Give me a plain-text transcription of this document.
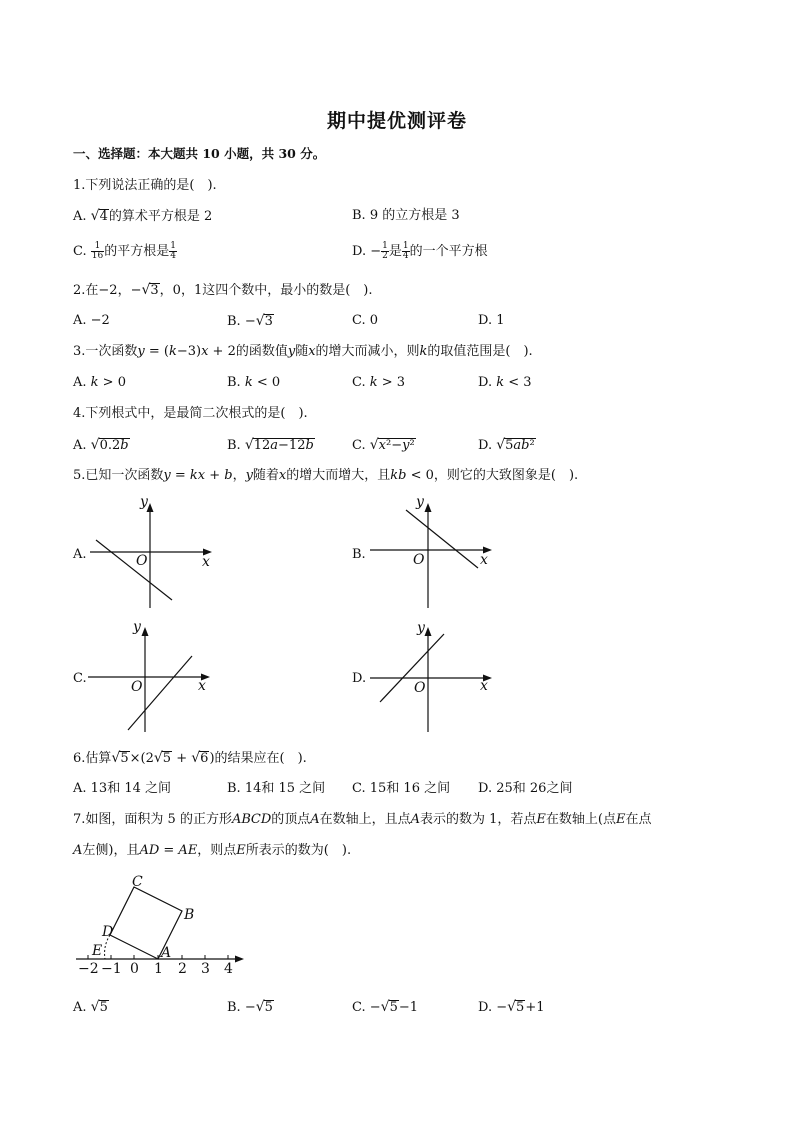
期中提优测评卷
一、选择题：本大题共 10 小题，共 30 分。
1.下列说法正确的是(　).
A. √4的算术平方根是 2	B. 9 的立方根是 3
C. $\frac{1}{16}$ 的平方根是 $\frac{1}{4}$	D. − $\frac{1}{2}$ 是 $\frac{1}{4}$ 的一个平方根
2.在−2，−√3，0，1这四个数中，最小的数是(　).
A. −2	B. −√3	C. 0	D. 1
3.一次函数𝑦 = (𝑘−3)𝑥 + 2的函数值𝑦随𝑥的增大而减小，则𝑘的取值范围是(　).
A. 𝑘 > 0	B. 𝑘 < 0	C. 𝑘 > 3	D. 𝑘 < 3
4.下列根式中，是最简二次根式的是(　).
A. √0.2𝑏	B. √12𝑎−12𝑏	C. √𝑥²−𝑦²	D. √5𝑎𝑏²
5.已知一次函数𝑦 = 𝑘𝑥 + 𝑏，𝑦随着𝑥的增大而增大，且𝑘𝑏 < 0，则它的大致图象是(　).
A.
y
x
O	B.
y
x
O
C.
y
x
O
D.
y
x
O
6.估算√5×(2√5 + √6)的结果应在(　).
A. 13和 14 之间	B. 14和 15 之间 C. 15和 16 之间 D. 25和 26之间
7.如图，面积为 5 的正方形𝐴𝐵𝐶𝐷的顶点𝐴在数轴上，且点𝐴表示的数为 1，若点𝐸在数轴上(点𝐸在点
𝐴左侧)，且𝐴𝐷 = 𝐴𝐸，则点𝐸所表示的数为(　).
C
B
D
E	A
−2 −1 0 1 2 3 4
A. √5	B. −√5	C. −√5−1	D. −√5+1
